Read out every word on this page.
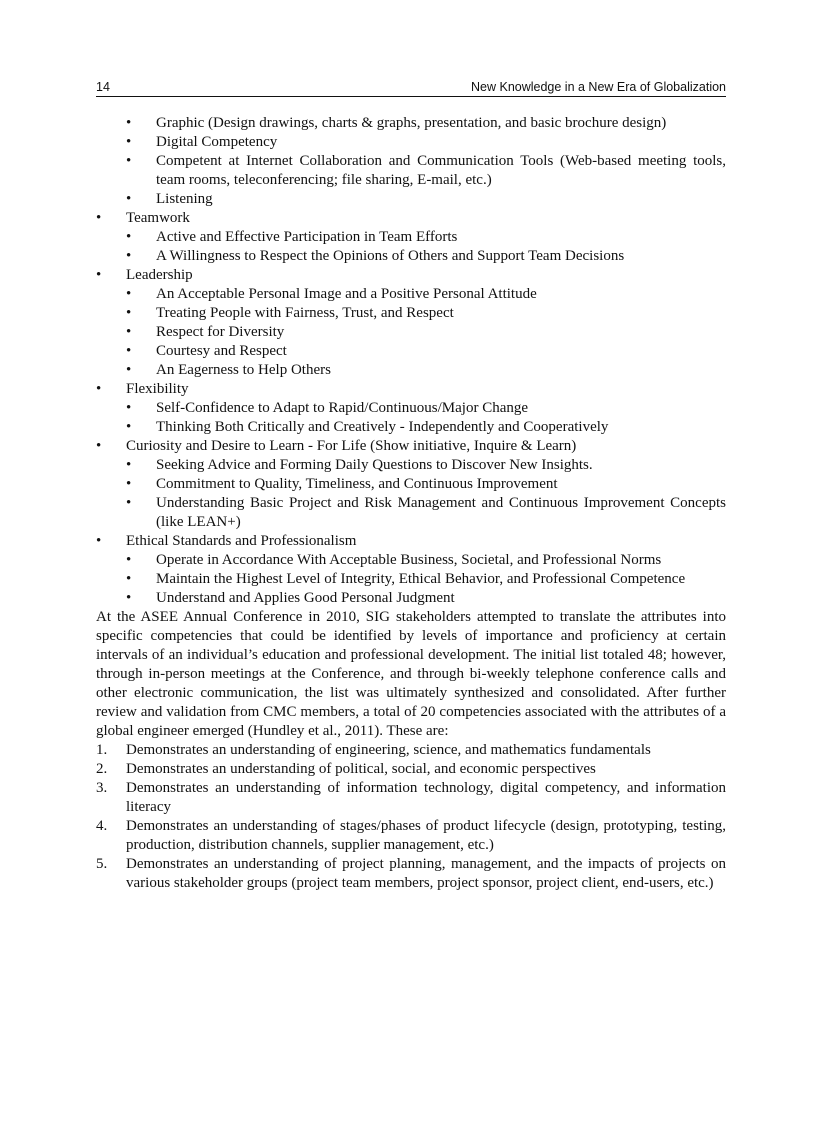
14	New Knowledge in a New Era of Globalization
•	Graphic (Design drawings, charts & graphs, presentation, and basic brochure design)
•	Digital Competency
•	Competent at Internet Collaboration and Communication Tools (Web-based meeting tools, team rooms, teleconferencing; file sharing, E-mail, etc.)
•	Listening
•	Teamwork
•	Active and Effective Participation in Team Efforts
•	A Willingness to Respect the Opinions of Others and Support Team Decisions
•	Leadership
•	An Acceptable Personal Image and a Positive Personal Attitude
•	Treating People with Fairness, Trust, and Respect
•	Respect for Diversity
•	Courtesy and Respect
•	An Eagerness to Help Others
•	Flexibility
•	Self-Confidence to Adapt to Rapid/Continuous/Major Change
•	Thinking Both Critically and Creatively - Independently and Cooperatively
•	Curiosity and Desire to Learn - For Life (Show initiative, Inquire & Learn)
•	Seeking Advice and Forming Daily Questions to Discover New Insights.
•	Commitment to Quality, Timeliness, and Continuous Improvement
•	Understanding Basic Project and Risk Management and Continuous Improvement Concepts (like LEAN+)
•	Ethical Standards and Professionalism
•	Operate in Accordance With Acceptable Business, Societal, and Professional Norms
•	Maintain the Highest Level of Integrity, Ethical Behavior, and Professional Competence
•	Understand and Applies Good Personal Judgment

At the ASEE Annual Conference in 2010, SIG stakeholders attempted to translate the attributes into specific competencies that could be identified by levels of importance and proficiency at certain intervals of an individual’s education and professional development. The initial list totaled 48; however, through in-person meetings at the Conference, and through bi-weekly telephone conference calls and other electronic communication, the list was ultimately synthesized and consolidated. After further review and validation from CMC members, a total of 20 competencies associated with the attributes of a global engineer emerged (Hundley et al., 2011). These are:

1. Demonstrates an understanding of engineering, science, and mathematics fundamentals
2. Demonstrates an understanding of political, social, and economic perspectives
3. Demonstrates an understanding of information technology, digital competency, and information literacy
4. Demonstrates an understanding of stages/phases of product lifecycle (design, prototyping, testing, production, distribution channels, supplier management, etc.)
5. Demonstrates an understanding of project planning, management, and the impacts of projects on various stakeholder groups (project team members, project sponsor, project client, end-users, etc.)
